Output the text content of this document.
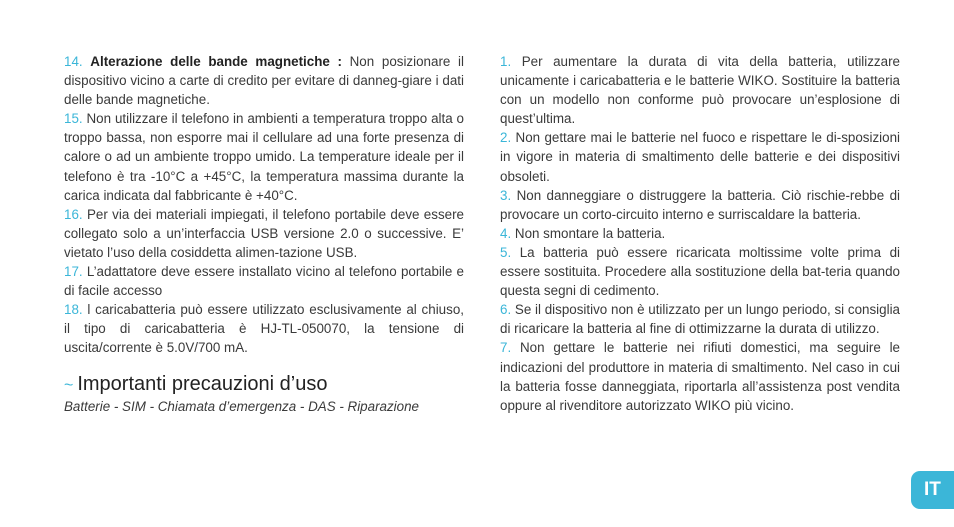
14. Alterazione delle bande magnetiche : Non posizionare il dispositivo vicino a carte di credito per evitare di danneg-giare i dati delle bande magnetiche.

15. Non utilizzare il telefono in ambienti a temperatura troppo alta o troppo bassa, non esporre mai il cellulare ad una forte presenza di calore o ad un ambiente troppo umido. La temperature ideale per il telefono è tra -10°C a +45°C, la temperatura massima durante la carica indicata dal fabbricante è +40°C.

16. Per via dei materiali impiegati, il telefono portabile deve essere collegato solo a un’interfaccia USB versione 2.0 o successive. E’ vietato l’uso della cosiddetta alimen-tazione USB.

17. L’adattatore deve essere installato vicino al telefono portabile e di facile accesso

18. l caricabatteria può essere utilizzato esclusivamente al chiuso, il tipo di caricabatteria è HJ-TL-050070, la tensione di uscita/corrente è 5.0V/700 mA.

~ Importanti precauzioni d’uso
Batterie - SIM - Chiamata d’emergenza - DAS - Riparazione

1. Per aumentare la durata di vita della batteria, utilizzare unicamente i caricabatteria e le batterie WIKO. Sostituire la batteria con un modello non conforme può provocare un’esplosione di quest’ultima.

2. Non gettare mai le batterie nel fuoco e rispettare le di-sposizioni in vigore in materia di smaltimento delle batterie e dei dispositivi obsoleti.

3. Non danneggiare o distruggere la batteria. Ciò rischie-rebbe di provocare un corto-circuito interno e surriscaldare la batteria.

4. Non smontare la batteria.

5. La batteria può essere ricaricata moltissime volte prima di essere sostituita. Procedere alla sostituzione della bat-teria quando questa segni di cedimento.

6. Se il dispositivo non è utilizzato per un lungo periodo, si consiglia di ricaricare la batteria al fine di ottimizzarne la durata di utilizzo.

7. Non gettare le batterie nei rifiuti domestici, ma seguire le indicazioni del produttore in materia di smaltimento. Nel caso in cui la batteria fosse danneggiata, riportarla all’assistenza post vendita oppure al rivenditore autorizzato WIKO più vicino.

IT
